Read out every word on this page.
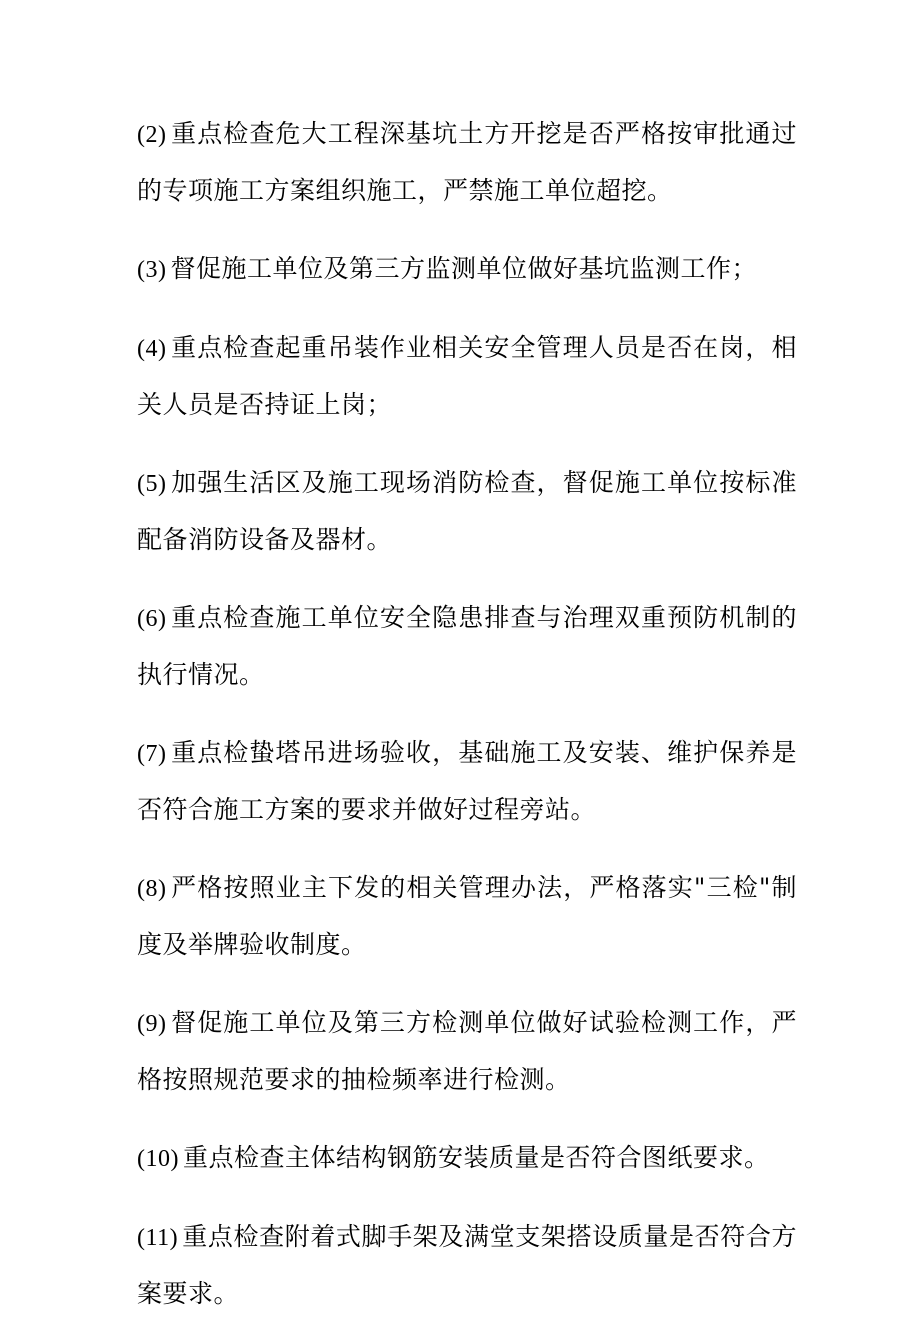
(2) 重点检查危大工程深基坑土方开挖是否严格按审批通过的专项施工方案组织施工，严禁施工单位超挖。

(3) 督促施工单位及第三方监测单位做好基坑监测工作；

(4) 重点检查起重吊装作业相关安全管理人员是否在岗，相关人员是否持证上岗；

(5) 加强生活区及施工现场消防检查，督促施工单位按标准配备消防设备及器材。

(6) 重点检查施工单位安全隐患排查与治理双重预防机制的执行情况。

(7) 重点检蛰塔吊进场验收，基础施工及安装、维护保养是否符合施工方案的要求并做好过程旁站。

(8) 严格按照业主下发的相关管理办法，严格落实"三检"制度及举牌验收制度。

(9) 督促施工单位及第三方检测单位做好试验检测工作，严格按照规范要求的抽检频率进行检测。

(10) 重点检查主体结构钢筋安装质量是否符合图纸要求。

(11) 重点检查附着式脚手架及满堂支架搭设质量是否符合方案要求。
